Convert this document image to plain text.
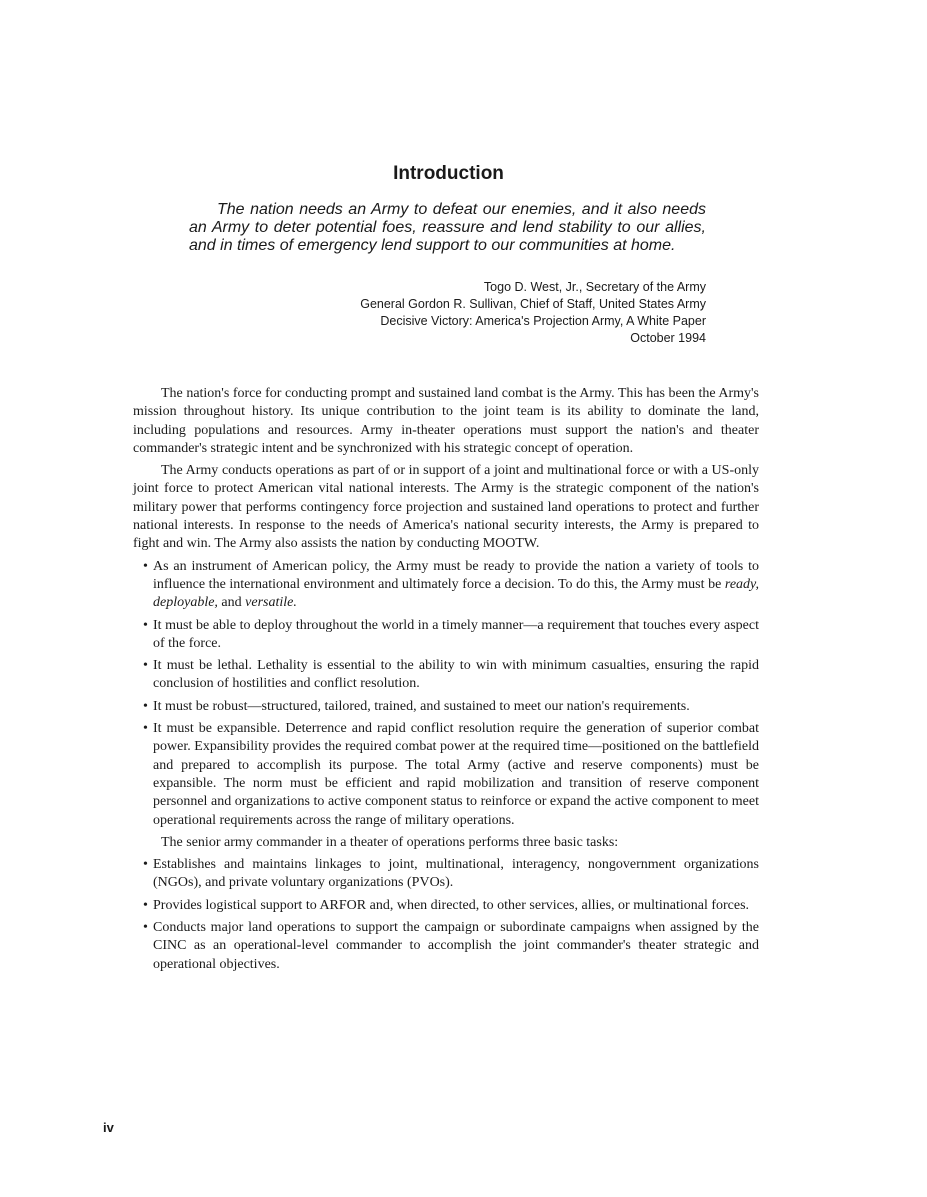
Introduction
The nation needs an Army to defeat our enemies, and it also needs an Army to deter potential foes, reassure and lend stability to our allies, and in times of emergency lend support to our communities at home.
Togo D. West, Jr., Secretary of the Army
General Gordon R. Sullivan, Chief of Staff, United States Army
Decisive Victory: America's Projection Army, A White Paper
October 1994

The nation's force for conducting prompt and sustained land combat is the Army. This has been the Army's mission throughout history. Its unique contribution to the joint team is its ability to dominate the land, including populations and resources. Army in-theater operations must support the nation's and theater commander's strategic intent and be synchronized with his strategic concept of operation.

The Army conducts operations as part of or in support of a joint and multinational force or with a US-only joint force to protect American vital national interests. The Army is the strategic component of the nation's military power that performs contingency force projection and sustained land operations to protect and further national interests. In response to the needs of America's national security interests, the Army is prepared to fight and win. The Army also assists the nation by conducting MOOTW.

• As an instrument of American policy, the Army must be ready to provide the nation a variety of tools to influence the international environment and ultimately force a decision. To do this, the Army must be ready, deployable, and versatile.
• It must be able to deploy throughout the world in a timely manner—a requirement that touches every aspect of the force.
• It must be lethal. Lethality is essential to the ability to win with minimum casualties, ensuring the rapid conclusion of hostilities and conflict resolution.
• It must be robust—structured, tailored, trained, and sustained to meet our nation's requirements.
• It must be expansible. Deterrence and rapid conflict resolution require the generation of superior combat power. Expansibility provides the required combat power at the required time—positioned on the battlefield and prepared to accomplish its purpose. The total Army (active and reserve components) must be expansible. The norm must be efficient and rapid mobilization and transition of reserve component personnel and organizations to active component status to reinforce or expand the active component to meet operational requirements across the range of military operations.

The senior army commander in a theater of operations performs three basic tasks:

• Establishes and maintains linkages to joint, multinational, interagency, nongovernment organizations (NGOs), and private voluntary organizations (PVOs).
• Provides logistical support to ARFOR and, when directed, to other services, allies, or multinational forces.
• Conducts major land operations to support the campaign or subordinate campaigns when assigned by the CINC as an operational-level commander to accomplish the joint commander's theater strategic and operational objectives.
iv
